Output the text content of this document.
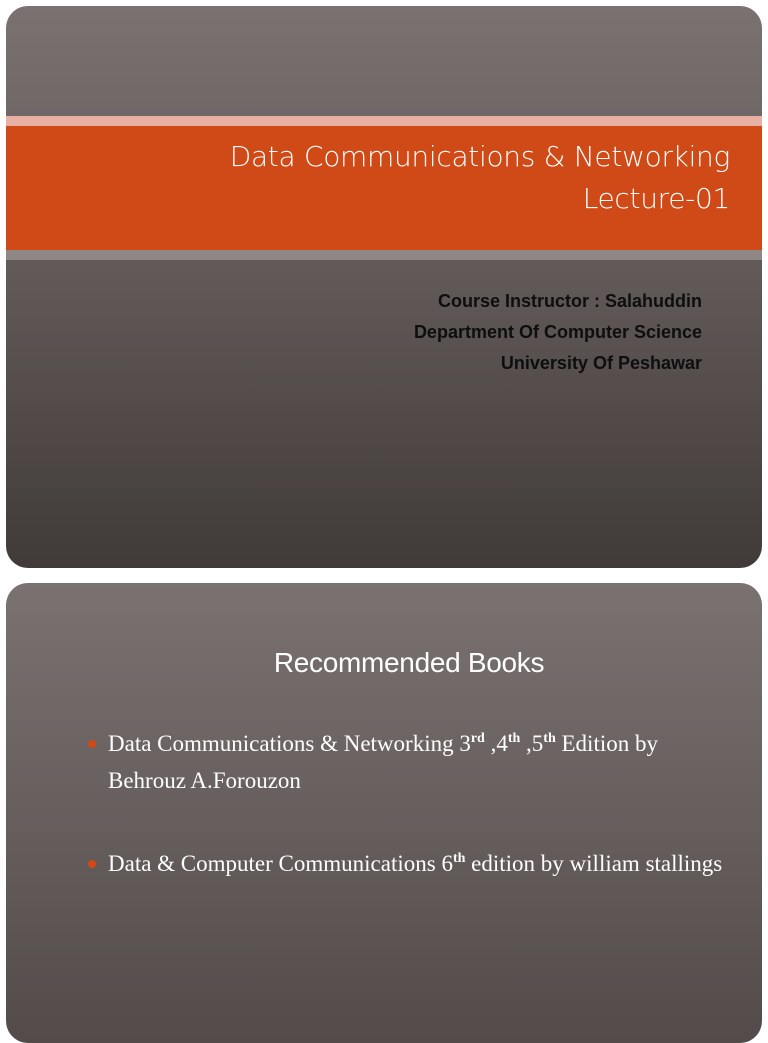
Data Communications & Networking
Lecture-01
Course Instructor : Salahuddin
Department Of Computer Science
University Of Peshawar
Recommended Books
Data Communications & Networking 3rd ,4th ,5th Edition by Behrouz A.Forouzon
Data & Computer Communications 6th edition by william stallings
